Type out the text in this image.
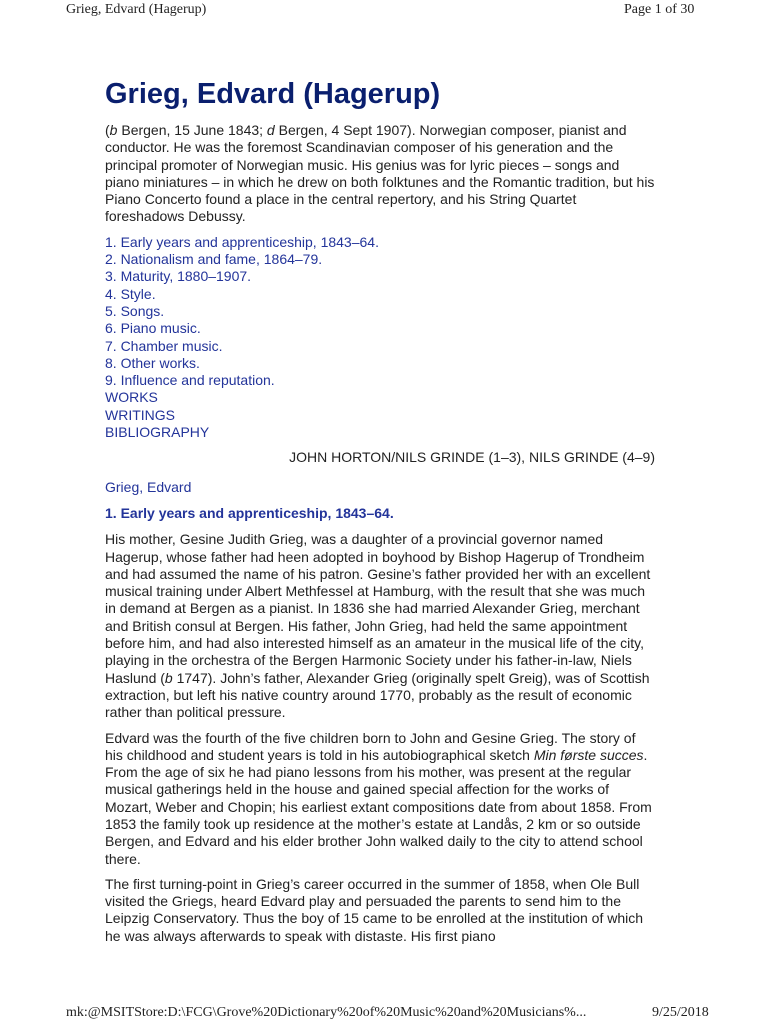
Grieg, Edvard (Hagerup)	Page 1 of 30
Grieg, Edvard (Hagerup)

(b Bergen, 15 June 1843; d Bergen, 4 Sept 1907). Norwegian composer, pianist and conductor. He was the foremost Scandinavian composer of his generation and the principal promoter of Norwegian music. His genius was for lyric pieces – songs and piano miniatures – in which he drew on both folktunes and the Romantic tradition, but his Piano Concerto found a place in the central repertory, and his String Quartet foreshadows Debussy.

1. Early years and apprenticeship, 1843–64.
2. Nationalism and fame, 1864–79.
3. Maturity, 1880–1907.
4. Style.
5. Songs.
6. Piano music.
7. Chamber music.
8. Other works.
9. Influence and reputation.
WORKS
WRITINGS
BIBLIOGRAPHY
JOHN HORTON/NILS GRINDE (1–3), NILS GRINDE (4–9)
Grieg, Edvard
1. Early years and apprenticeship, 1843–64.

His mother, Gesine Judith Grieg, was a daughter of a provincial governor named Hagerup, whose father had heen adopted in boyhood by Bishop Hagerup of Trondheim and had assumed the name of his patron. Gesine’s father provided her with an excellent musical training under Albert Methfessel at Hamburg, with the result that she was much in demand at Bergen as a pianist. In 1836 she had married Alexander Grieg, merchant and British consul at Bergen. His father, John Grieg, had held the same appointment before him, and had also interested himself as an amateur in the musical life of the city, playing in the orchestra of the Bergen Harmonic Society under his father-in-law, Niels Haslund (b 1747). John’s father, Alexander Grieg (originally spelt Greig), was of Scottish extraction, but left his native country around 1770, probably as the result of economic rather than political pressure.

Edvard was the fourth of the five children born to John and Gesine Grieg. The story of his childhood and student years is told in his autobiographical sketch Min første succes. From the age of six he had piano lessons from his mother, was present at the regular musical gatherings held in the house and gained special affection for the works of Mozart, Weber and Chopin; his earliest extant compositions date from about 1858. From 1853 the family took up residence at the mother’s estate at Landås, 2 km or so outside Bergen, and Edvard and his elder brother John walked daily to the city to attend school there.

The first turning-point in Grieg’s career occurred in the summer of 1858, when Ole Bull visited the Griegs, heard Edvard play and persuaded the parents to send him to the Leipzig Conservatory. Thus the boy of 15 came to be enrolled at the institution of which he was always afterwards to speak with distaste. His first piano

mk:@MSITStore:D:\FCG\Grove%20Dictionary%20of%20Music%20and%20Musicians%...	9/25/2018
